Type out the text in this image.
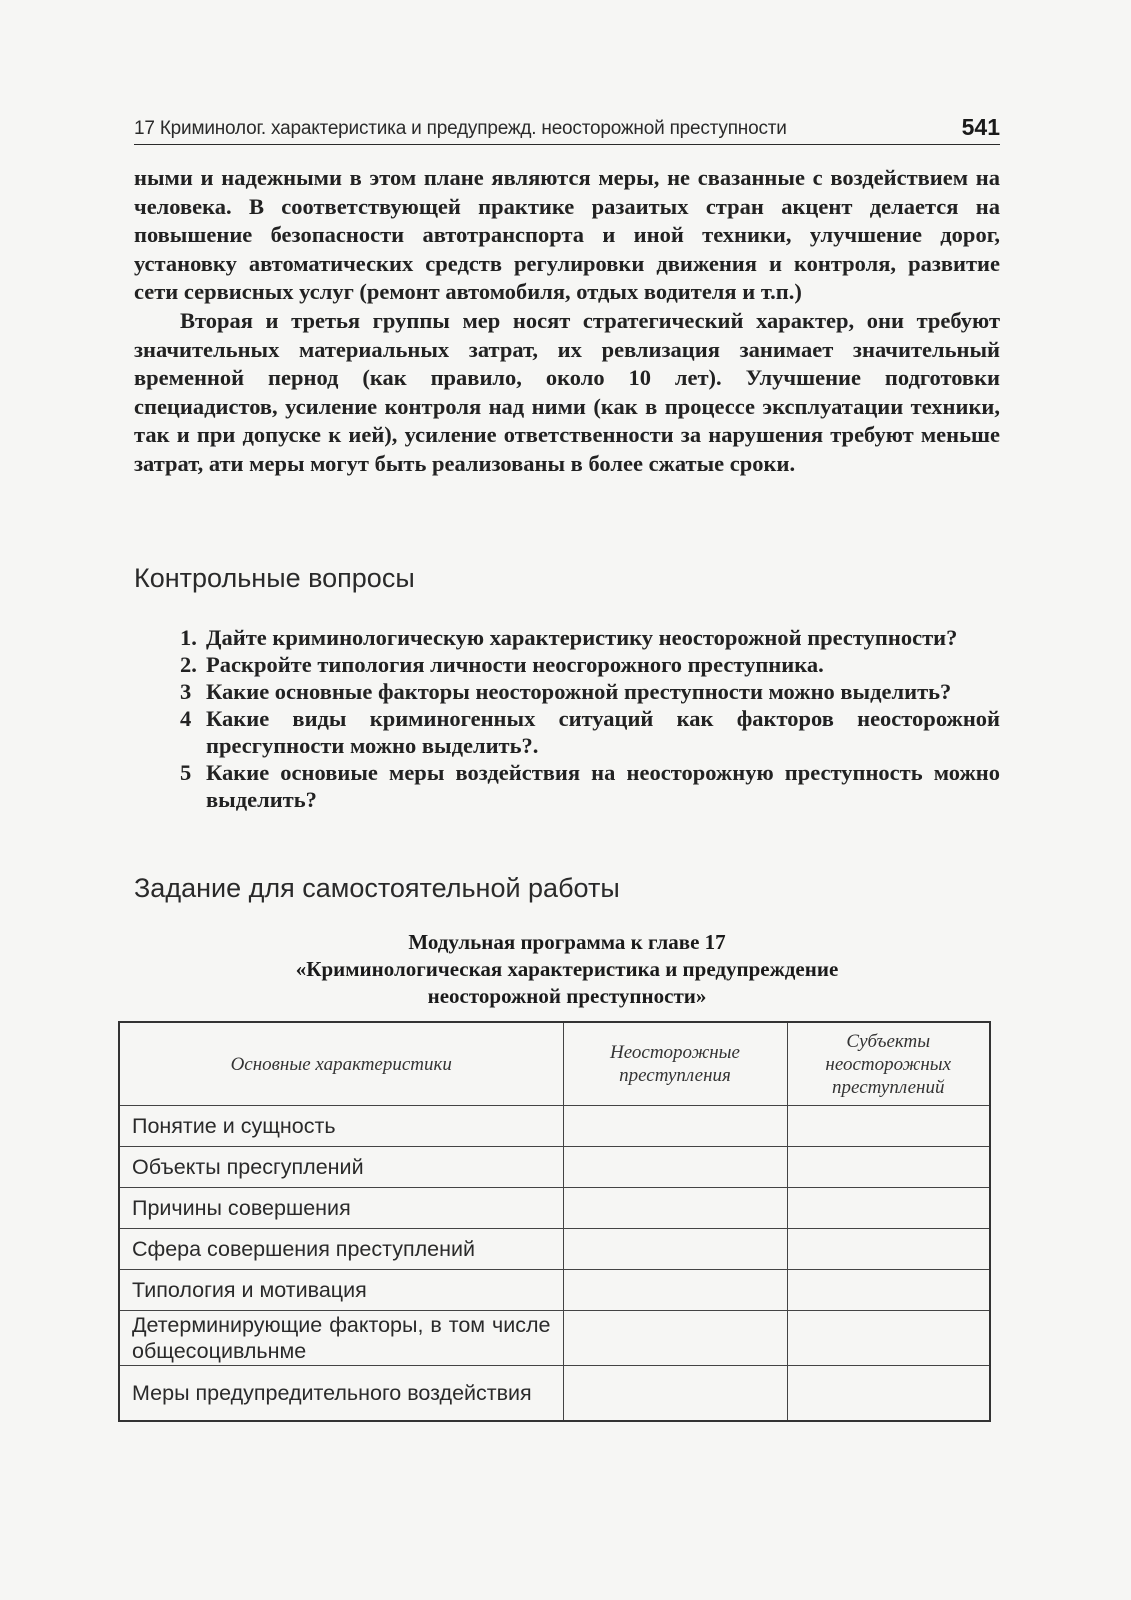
17 Криминолог. характеристика и предупрежд. неосторожной преступности	541

ными и надежными в этом плане являются меры, не свазанные с воздействием на человека. В соответствующей практике разаитых стран акцент делается на повышение безопасности автотранспорта и иной техники, улучшение дорог, установку автоматических средств регулировки движения и контроля, развитие сети сервисных услуг (ремонт автомобиля, отдых водителя и т.п.)

Вторая и третья группы мер носят стратегический характер, они требуют значительных материальных затрат, их ревлизация занимает значительный временной пернод (как правило, около 10 лет). Улучшение подготовки специадистов, усиление контроля над ними (как в процессе эксплуатации техники, так и при допуске к ией), усиление ответственности за нарушения требуют меньше затрат, ати меры могут быть реализованы в более сжатые сроки.

Контрольные вопросы
1. Дайте криминологическую характеристику неосторожной преступности?
2. Раскройте типология личности неосгорожного преступника.
3 Какие основные факторы неосторожной преступности можно выделить?
4 Какие виды криминогенных ситуаций как факторов неосторожной пресгупности можно выделить?.
5 Какие основиые меры воздействия на неосторожную преступность можно выделить?
Задание для самостоятельной работы
Модульная программа к главе 17
«Криминологическая характеристика и предупреждение
неосторожной преступности»
Основные характеристики	Неосторожные преступления	Субъекты неосторожных преступлений
Понятие и сущность		
Объекты пресгуплений		
Причины совершения		
Сфера совершения преступлений		
Типология и мотивация		
Детерминирующие факторы, в том числе общесоцивльнме		
Меры предупредительного воздействия		
